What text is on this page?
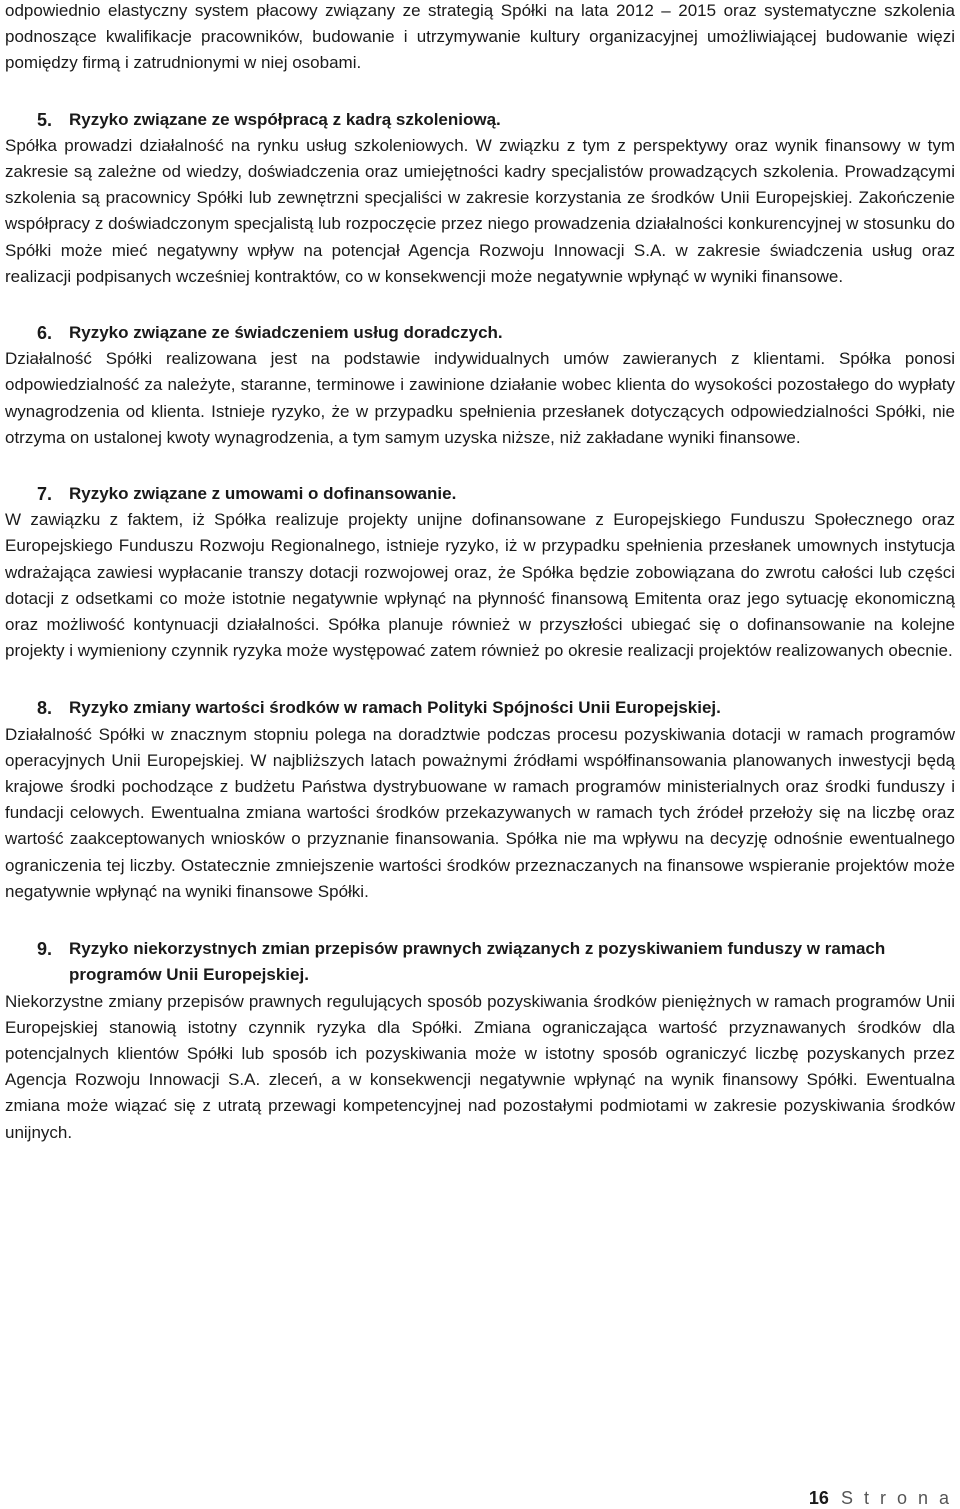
odpowiednio elastyczny system płacowy związany ze strategią Spółki na lata 2012 – 2015 oraz systematyczne szkolenia podnoszące kwalifikacje pracowników, budowanie i utrzymywanie kultury organizacyjnej umożliwiającej budowanie więzi pomiędzy firmą i zatrudnionymi w niej osobami.

5. Ryzyko związane ze współpracą z kadrą szkoleniową.

Spółka prowadzi działalność na rynku usług szkoleniowych. W związku z tym z perspektywy oraz wynik finansowy w tym zakresie są zależne od wiedzy, doświadczenia oraz umiejętności kadry specjalistów prowadzących szkolenia. Prowadzącymi szkolenia są pracownicy Spółki lub zewnętrzni specjaliści w zakresie korzystania ze środków Unii Europejskiej. Zakończenie współpracy z doświadczonym specjalistą lub rozpoczęcie przez niego prowadzenia działalności konkurencyjnej w stosunku do Spółki może mieć negatywny wpływ na potencjał Agencja Rozwoju Innowacji S.A. w zakresie świadczenia usług oraz realizacji podpisanych wcześniej kontraktów, co w konsekwencji może negatywnie wpłynąć w wyniki finansowe.

6. Ryzyko związane ze świadczeniem usług doradczych.

Działalność Spółki realizowana jest na podstawie indywidualnych umów zawieranych z klientami. Spółka ponosi odpowiedzialność za należyte, staranne, terminowe i zawinione działanie wobec klienta do wysokości pozostałego do wypłaty wynagrodzenia od klienta. Istnieje ryzyko, że w przypadku spełnienia przesłanek dotyczących odpowiedzialności Spółki, nie otrzyma on ustalonej kwoty wynagrodzenia, a tym samym uzyska niższe, niż zakładane wyniki finansowe.

7. Ryzyko związane z umowami o dofinansowanie.

W zawiązku z faktem, iż Spółka realizuje projekty unijne dofinansowane z Europejskiego Funduszu Społecznego oraz Europejskiego Funduszu Rozwoju Regionalnego, istnieje ryzyko, iż w przypadku spełnienia przesłanek umownych instytucja wdrażająca zawiesi wypłacanie transzy dotacji rozwojowej oraz, że Spółka będzie zobowiązana do zwrotu całości lub części dotacji z odsetkami co może istotnie negatywnie wpłynąć na płynność finansową Emitenta oraz jego sytuację ekonomiczną oraz możliwość kontynuacji działalności. Spółka planuje również w przyszłości ubiegać się o dofinansowanie na kolejne projekty i wymieniony czynnik ryzyka może występować zatem również po okresie realizacji projektów realizowanych obecnie.

8. Ryzyko zmiany wartości środków w ramach Polityki Spójności Unii Europejskiej.

Działalność Spółki w znacznym stopniu polega na doradztwie podczas procesu pozyskiwania dotacji w ramach programów operacyjnych Unii Europejskiej. W najbliższych latach poważnymi źródłami współfinansowania planowanych inwestycji będą krajowe środki pochodzące z budżetu Państwa dystrybuowane w ramach programów ministerialnych oraz środki funduszy i fundacji celowych. Ewentualna zmiana wartości środków przekazywanych w ramach tych źródeł przełoży się na liczbę oraz wartość zaakceptowanych wniosków o przyznanie finansowania. Spółka nie ma wpływu na decyzję odnośnie ewentualnego ograniczenia tej liczby. Ostatecznie zmniejszenie wartości środków przeznaczanych na finansowe wspieranie projektów może negatywnie wpłynąć na wyniki finansowe Spółki.

9. Ryzyko niekorzystnych zmian przepisów prawnych związanych z pozyskiwaniem funduszy w ramach programów Unii Europejskiej.

Niekorzystne zmiany przepisów prawnych regulujących sposób pozyskiwania środków pieniężnych w ramach programów Unii Europejskiej stanowią istotny czynnik ryzyka dla Spółki. Zmiana ograniczająca wartość przyznawanych środków dla potencjalnych klientów Spółki lub sposób ich pozyskiwania może w istotny sposób ograniczyć liczbę pozyskanych przez Agencja Rozwoju Innowacji S.A. zleceń, a w konsekwencji negatywnie wpłynąć na wynik finansowy Spółki. Ewentualna zmiana może wiązać się z utratą przewagi kompetencyjnej nad pozostałymi podmiotami w zakresie pozyskiwania środków unijnych.

16 S t r o n a
